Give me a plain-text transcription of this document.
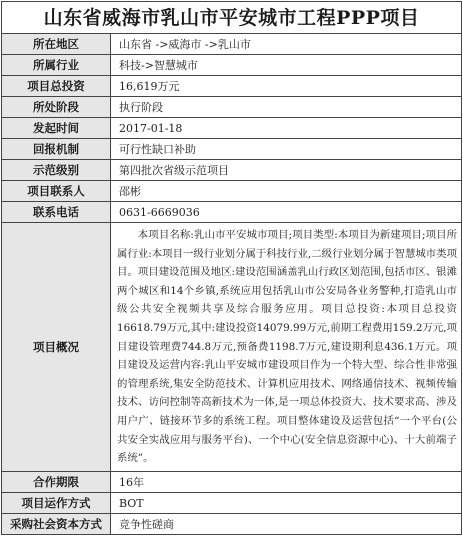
山东省威海市乳山市平安城市工程PPP项目
所在地区	山东省 ->威海市 ->乳山市
所属行业	科技->智慧城市
项目总投资	16,619万元
所处阶段	执行阶段
发起时间	2017-01-18
回报机制	可行性缺口补助
示范级别	第四批次省级示范项目
项目联系人	邵彬
联系电话	0631-6669036
项目概况	本项目名称:乳山市平安城市项目;项目类型:本项目为新建项目;项目所属行业:本项目一级行业划分属于科技行业,二级行业划分属于智慧城市类项目。项目建设范围及地区:建设范围涵盖乳山行政区划范围,包括市区、银滩两个城区和14个乡镇,系统应用包括乳山市公安局各业务警种,打造乳山市级公共安全视频共享及综合服务应用。项目总投资:本项目总投资16618.79万元,其中:建设投资14079.99万元,前期工程费用159.2万元,项目建设管理费744.8万元,预备费1198.7万元,建设期利息436.1万元。项目建设及运营内容:乳山平安城市建设项目作为一个特大型、综合性非常强的管理系统,集安全防范技术、计算机应用技术、网络通信技术、视频传输技术、访问控制等高新技术为一体,是一项总体投资大、技术要求高、涉及用户广、链接环节多的系统工程。项目整体建设及运营包括“一个平台(公共安全实战应用与服务平台)、一个中心(安全信息资源中心)、十大前端子系统”。
合作期限	16年
项目运作方式	BOT
采购社会资本方式	竞争性磋商
